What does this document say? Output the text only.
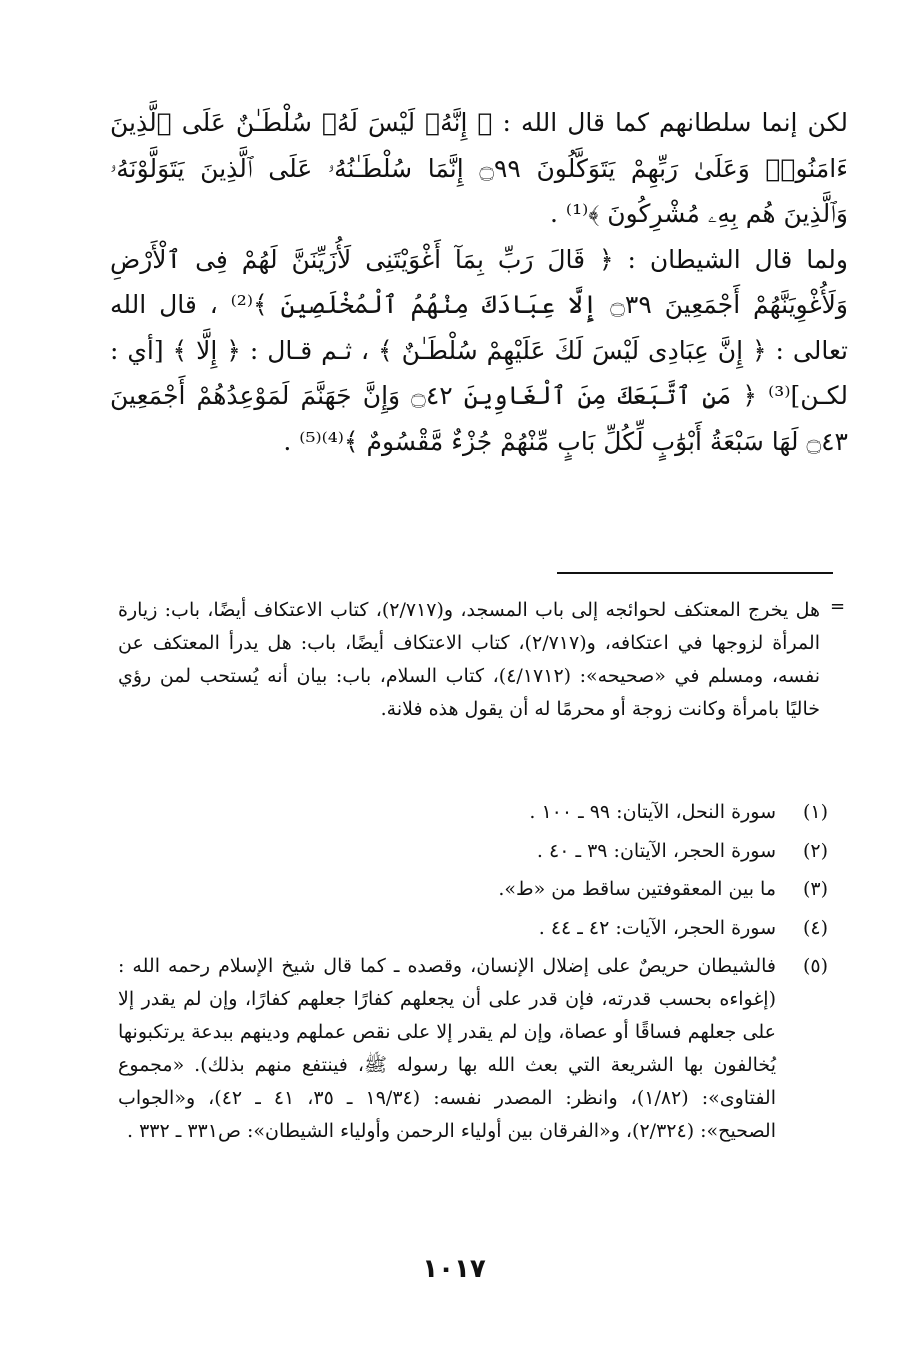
لكن إنما سلطانهم كما قال الله : ﴿ إِنَّهُۥ لَيْسَ لَهُۥ سُلْطَـٰنٌ عَلَى ٱلَّذِينَ ءَامَنُوا۟ وَعَلَىٰ رَبِّهِمْ يَتَوَكَّلُونَ ۝٩٩ إِنَّمَا سُلْطَـٰنُهُۥ عَلَى ٱلَّذِينَ يَتَوَلَّوْنَهُۥ وَٱلَّذِينَ هُم بِهِۦ مُشْرِكُونَ ﴾⁽¹⁾ .

ولما قال الشيطان : ﴿ قَالَ رَبِّ بِمَآ أَغْوَيْتَنِى لَأُزَيِّنَنَّ لَهُمْ فِى ٱلْأَرْضِ وَلَأُغْوِيَنَّهُمْ أَجْمَعِينَ ۝٣٩ إِلَّا عِبَادَكَ مِنْهُمُ ٱلْمُخْلَصِينَ ﴾⁽²⁾ ، قال الله تعالى : ﴿ إِنَّ عِبَادِى لَيْسَ لَكَ عَلَيْهِمْ سُلْطَـٰنٌ ﴾ ، ثـم قـال : ﴿ إِلَّا ﴾ [أي : لكـن]⁽³⁾ ﴿ مَنِ ٱتَّبَعَكَ مِنَ ٱلْغَاوِينَ ۝٤٢ وَإِنَّ جَهَنَّمَ لَمَوْعِدُهُمْ أَجْمَعِينَ ۝٤٣ لَهَا سَبْعَةُ أَبْوَٰبٍ لِّكُلِّ بَابٍ مِّنْهُمْ جُزْءٌ مَّقْسُومٌ ﴾⁽⁴⁾⁽⁵⁾ .

=

هل يخرج المعتكف لحوائجه إلى باب المسجد، و(٢/٧١٧)، كتاب الاعتكاف أيضًا، باب: زيارة المرأة لزوجها في اعتكافه، و(٢/٧١٧)، كتاب الاعتكاف أيضًا، باب: هل يدرأ المعتكف عن نفسه، ومسلم في «صحيحه»: (٤/١٧١٢)، كتاب السلام، باب: بيان أنه يُستحب لمن رؤي خاليًا بامرأة وكانت زوجة أو محرمًا له أن يقول هذه فلانة.

(١)
سورة النحل، الآيتان: ٩٩ ـ ١٠٠ .
(٢)
سورة الحجر، الآيتان: ٣٩ ـ ٤٠ .
(٣)
ما بين المعقوفتين ساقط من «ط».
(٤)
سورة الحجر، الآيات: ٤٢ ـ ٤٤ .
(٥)
فالشيطان حريصٌ على إضلال الإنسان، وقصده ـ كما قال شيخ الإسلام رحمه الله : (إغواءه بحسب قدرته، فإن قدر على أن يجعلهم كفارًا جعلهم كفارًا، وإن لم يقدر إلا على جعلهم فساقًا أو عصاة، وإن لم يقدر إلا على نقص عملهم ودينهم ببدعة يرتكبونها يُخالفون بها الشريعة التي بعث الله بها رسوله ﷺ، فينتفع منهم بذلك). «مجموع الفتاوى»: (١/٨٢)، وانظر: المصدر نفسه: (١٩/٣٤ ـ ٣٥، ٤١ ـ ٤٢)، و«الجواب الصحيح»: (٢/٣٢٤)، و«الفرقان بين أولياء الرحمن وأولياء الشيطان»: ص٣٣١ ـ ٣٣٢ .
١٠١٧
